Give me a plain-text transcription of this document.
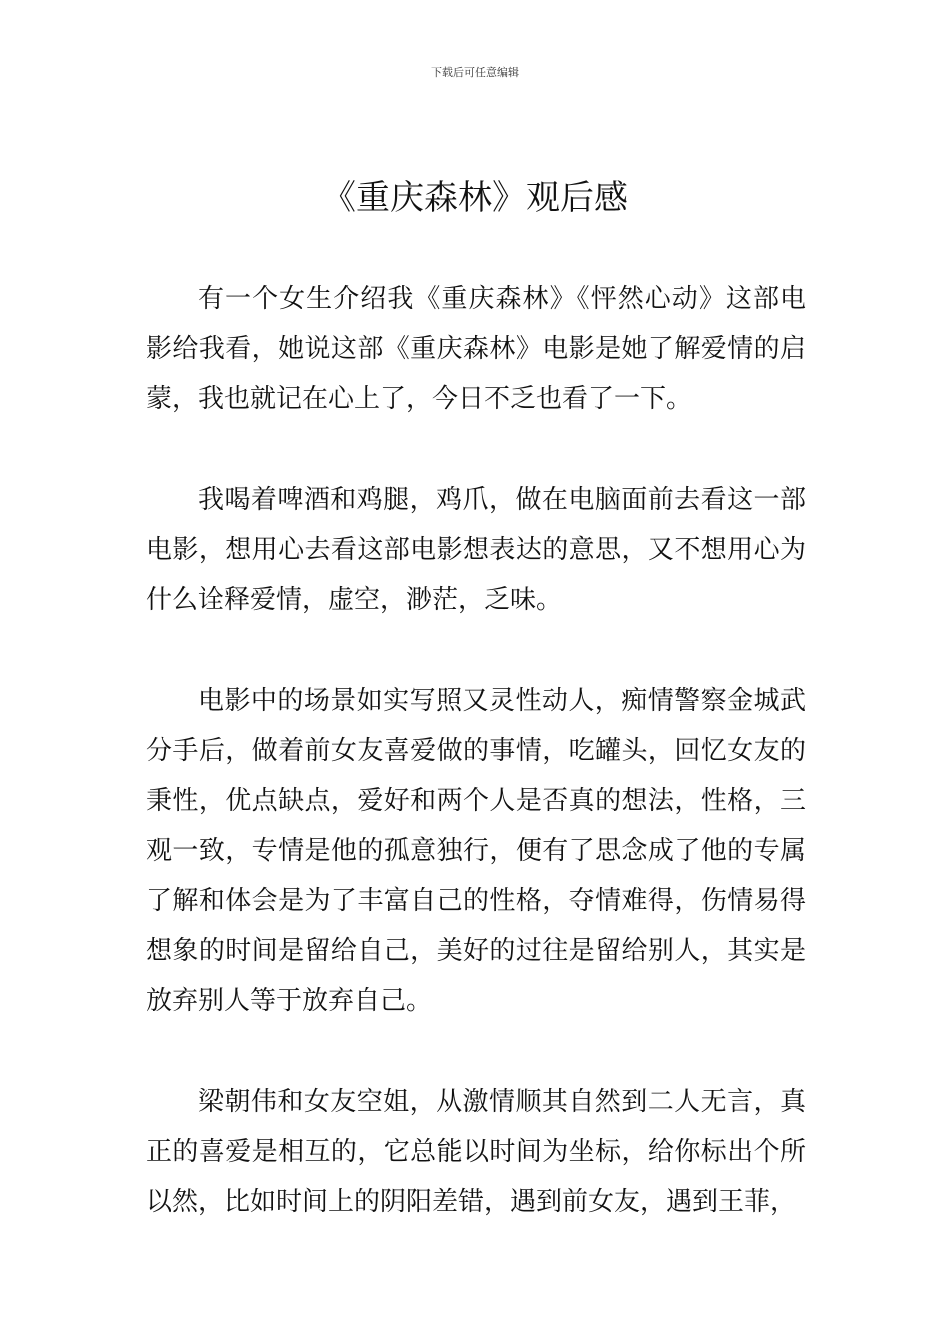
下载后可任意编辑
《重庆森林》观后感

有一个女生介绍我《重庆森林》《怦然心动》这部电影给我看，她说这部《重庆森林》电影是她了解爱情的启蒙，我也就记在心上了，今日不乏也看了一下。

我喝着啤酒和鸡腿，鸡爪，做在电脑面前去看这一部电影，想用心去看这部电影想表达的意思，又不想用心为什么诠释爱情，虚空，渺茫，乏味。

电影中的场景如实写照又灵性动人，痴情警察金城武分手后，做着前女友喜爱做的事情，吃罐头，回忆女友的秉性，优点缺点，爱好和两个人是否真的想法，性格，三观一致，专情是他的孤意独行，便有了思念成了他的专属了解和体会是为了丰富自己的性格，夺情难得，伤情易得想象的时间是留给自己，美好的过往是留给别人，其实是放弃别人等于放弃自己。

梁朝伟和女友空姐，从激情顺其自然到二人无言，真正的喜爱是相互的，它总能以时间为坐标，给你标出个所以然，比如时间上的阴阳差错，遇到前女友，遇到王菲，
